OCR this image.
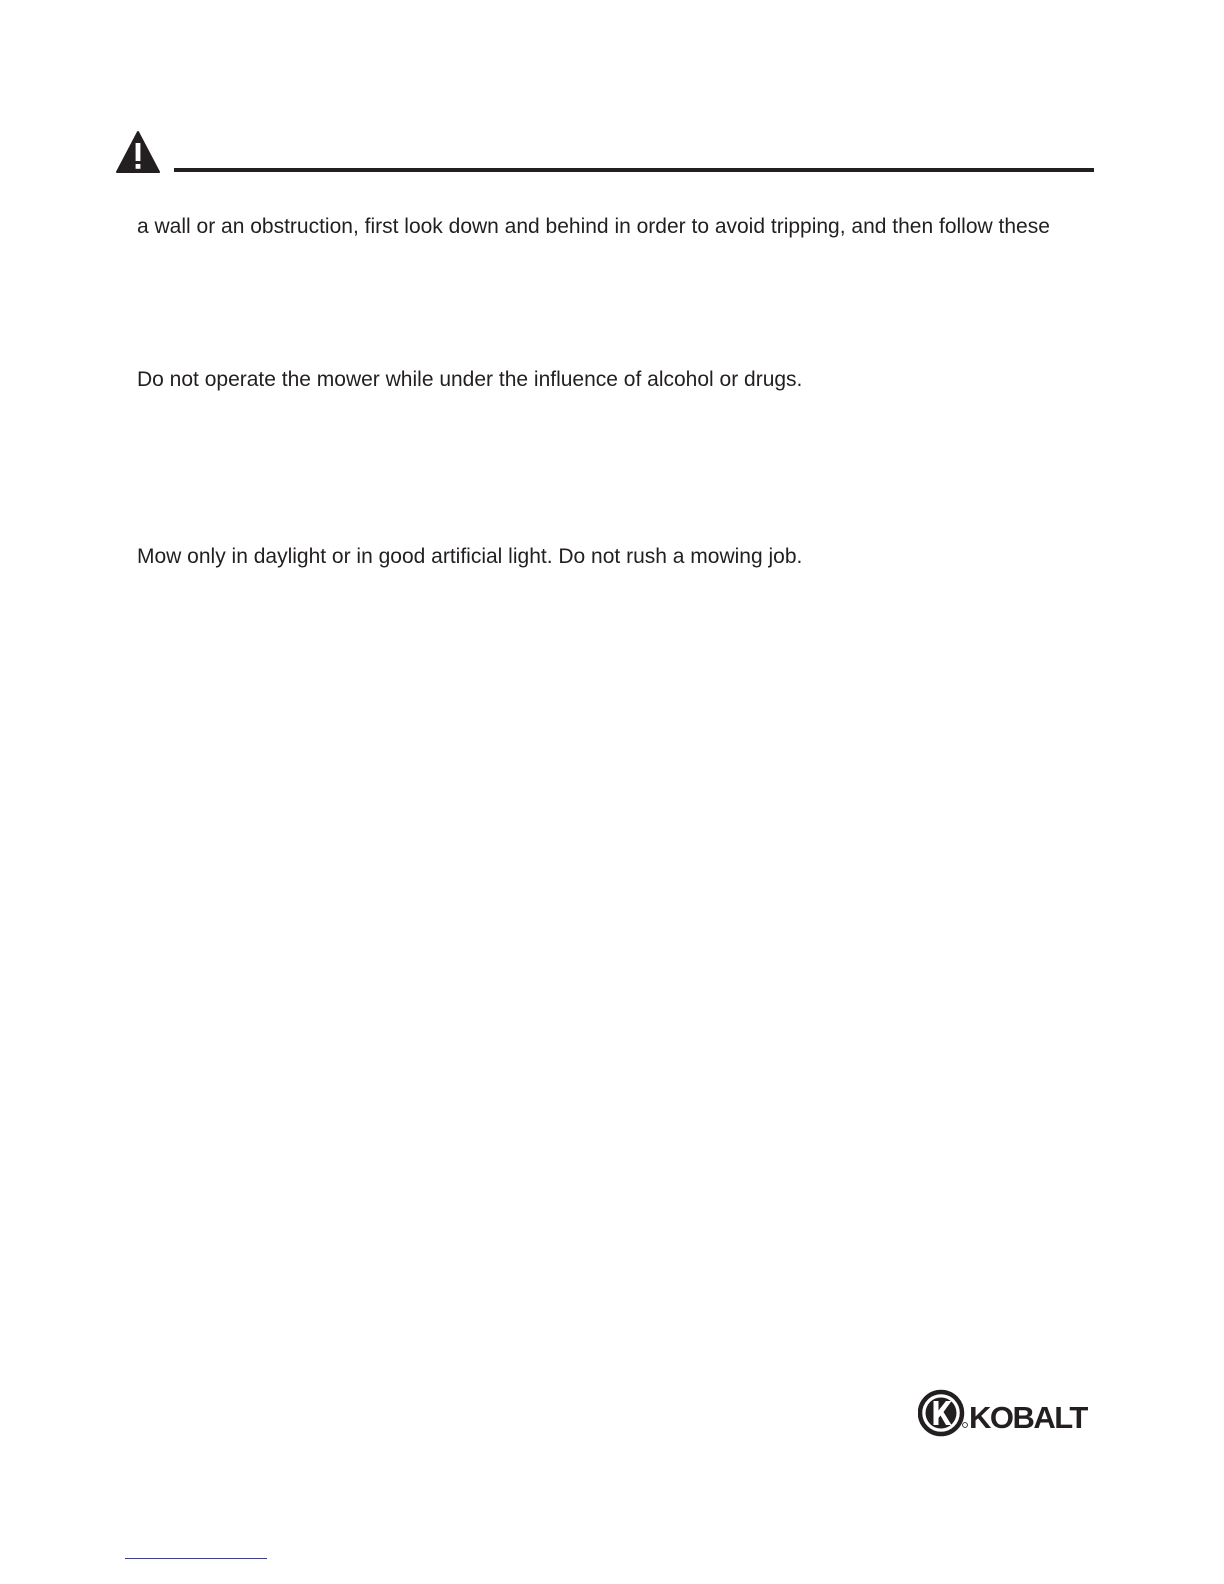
a wall or an obstruction, first look down and behind in order to avoid tripping, and then follow these

Do not operate the mower while under the influence of alcohol or drugs.

Mow only in daylight or in good artificial light. Do not rush a mowing job.

KOBALT
